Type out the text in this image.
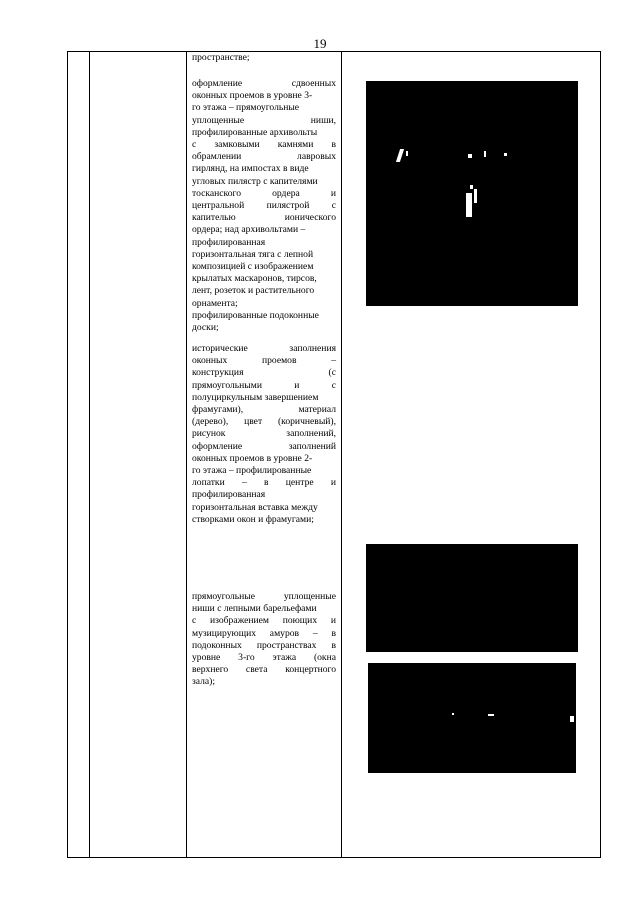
19
пространстве;
оформление сдвоенных
оконных проемов в уровне 3-
го этажа – прямоугольные
уплощенные ниши,
профилированные архивольты
с замковыми камнями в
обрамлении лавровых
гирлянд, на импостах в виде
угловых пилястр с капителями
тосканского ордера и
центральной пилястрой с
капителью ионического
ордера; над архивольтами –
профилированная
горизонтальная тяга с лепной
композицией с изображением
крылатых маскаронов, тирсов,
лент, розеток и растительного
орнамента;
профилированные подоконные
доски;
исторические заполнения
оконных проемов –
конструкция (с
прямоугольными и с
полуциркульным завершением
фрамугами), материал
(дерево), цвет (коричневый),
рисунок заполнений,
оформление заполнений
оконных проемов в уровне 2-
го этажа – профилированные
лопатки – в центре и
профилированная
горизонтальная вставка между
створками окон и фрамугами;
прямоугольные уплощенные
ниши с лепными барельефами
с изображением поющих и
музицирующих амуров – в
подоконных пространствах в
уровне 3-го этажа (окна
верхнего света концертного
зала);
